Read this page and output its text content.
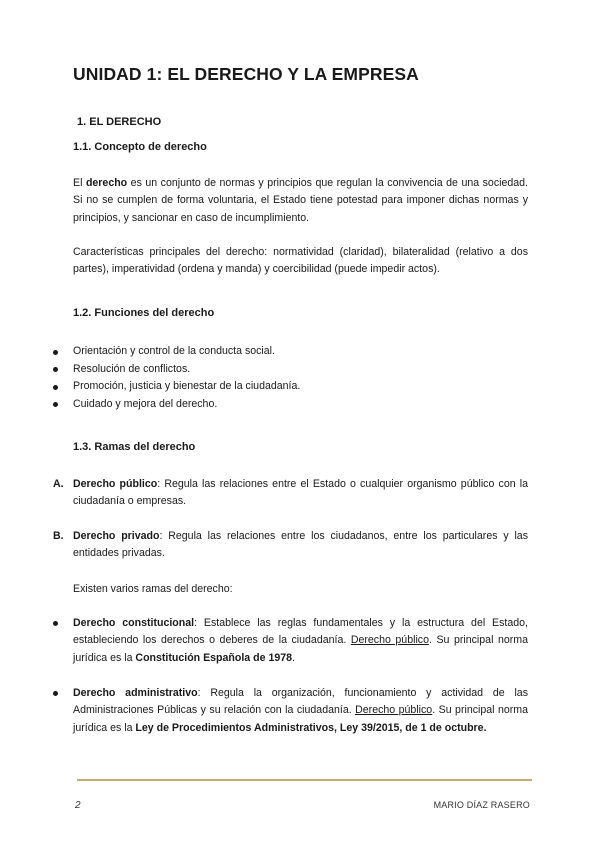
UNIDAD 1: EL DERECHO Y LA EMPRESA
1. EL DERECHO
1.1. Concepto de derecho

El derecho es un conjunto de normas y principios que regulan la convivencia de una sociedad. Si no se cumplen de forma voluntaria, el Estado tiene potestad para imponer dichas normas y principios, y sancionar en caso de incumplimiento.

Características principales del derecho: normatividad (claridad), bilateralidad (relativo a dos partes), imperatividad (ordena y manda) y coercibilidad (puede impedir actos).

1.2. Funciones del derecho
Orientación y control de la conducta social.
Resolución de conflictos.
Promoción, justicia y bienestar de la ciudadanía.
Cuidado y mejora del derecho.
1.3. Ramas del derecho
A. Derecho público: Regula las relaciones entre el Estado o cualquier organismo público con la ciudadanía o empresas.
B. Derecho privado: Regula las relaciones entre los ciudadanos, entre los particulares y las entidades privadas.

Existen varios ramas del derecho:

Derecho constitucional: Establece las reglas fundamentales y la estructura del Estado, estableciendo los derechos o deberes de la ciudadanía. Derecho público. Su principal norma jurídica es la Constitución Española de 1978.
Derecho administrativo: Regula la organización, funcionamiento y actividad de las Administraciones Públicas y su relación con la ciudadanía. Derecho público. Su principal norma jurídica es la Ley de Procedimientos Administrativos, Ley 39/2015, de 1 de octubre.
2	MARIO DÍAZ RASERO
